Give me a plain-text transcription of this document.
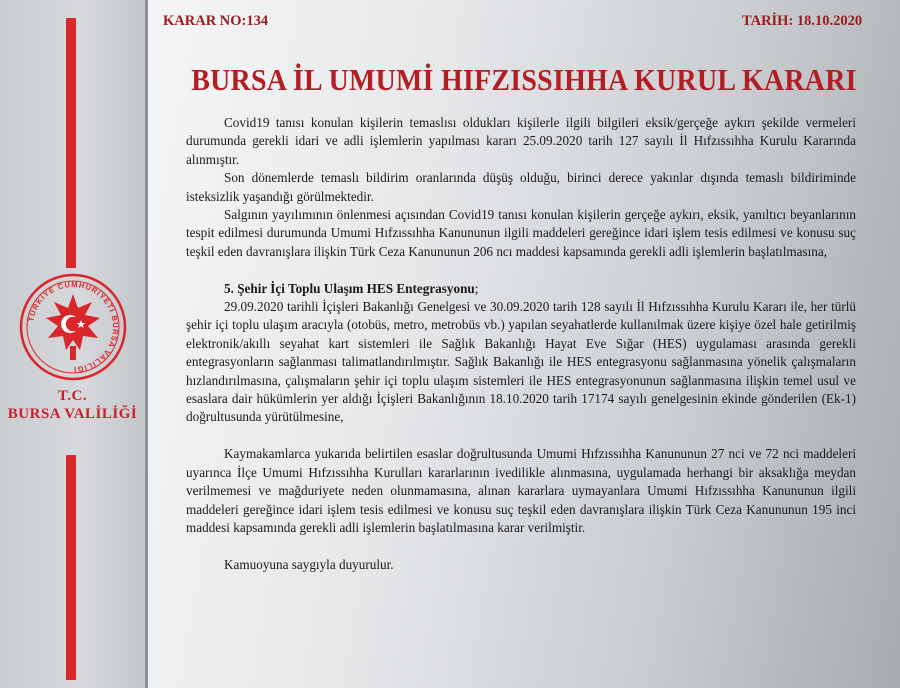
TÜRKİYE CUMHURİYETİ BURSA VALİLİĞİ
T.C.
BURSA VALİLİĞİ
KARAR NO:134	TARİH: 18.10.2020
BURSA İL UMUMİ HIFZISSIHHA KURUL KARARI

Covid19 tanısı konulan kişilerin temaslısı oldukları kişilerle ilgili bilgileri eksik/gerçeğe aykırı şekilde vermeleri durumunda gerekli idari ve adli işlemlerin yapılması kararı 25.09.2020 tarih 127 sayılı İl Hıfzıssıhha Kurulu Kararında alınmıştır.

Son dönemlerde temaslı bildirim oranlarında düşüş olduğu, birinci derece yakınlar dışında temaslı bildiriminde isteksizlik yaşandığı görülmektedir.

Salgının yayılımının önlenmesi açısından Covid19 tanısı konulan kişilerin gerçeğe aykırı, eksik, yanıltıcı beyanlarının tespit edilmesi durumunda Umumi Hıfzıssıhha Kanununun ilgili maddeleri gereğince idari işlem tesis edilmesi ve konusu suç teşkil eden davranışlara ilişkin Türk Ceza Kanununun 206 ncı maddesi kapsamında gerekli adli işlemlerin başlatılmasına,

5. Şehir İçi Toplu Ulaşım HES Entegrasyonu;

29.09.2020 tarihli İçişleri Bakanlığı Genelgesi ve 30.09.2020 tarih 128 sayılı İl Hıfzıssıhha Kurulu Kararı ile, her türlü şehir içi toplu ulaşım aracıyla (otobüs, metro, metrobüs vb.) yapılan seyahatlerde kullanılmak üzere kişiye özel hale getirilmiş elektronik/akıllı seyahat kart sistemleri ile Sağlık Bakanlığı Hayat Eve Sığar (HES) uygulaması arasında gerekli entegrasyonların sağlanması talimatlandırılmıştır. Sağlık Bakanlığı ile HES entegrasyonu sağlanmasına yönelik çalışmaların hızlandırılmasına, çalışmaların şehir içi toplu ulaşım sistemleri ile HES entegrasyonunun sağlanmasına ilişkin temel usul ve esaslara dair hükümlerin yer aldığı İçişleri Bakanlığının 18.10.2020 tarih 17174 sayılı genelgesinin ekinde gönderilen (Ek-1) doğrultusunda yürütülmesine,

Kaymakamlarca yukarıda belirtilen esaslar doğrultusunda Umumi Hıfzıssıhha Kanununun 27 nci ve 72 nci maddeleri uyarınca İlçe Umumi Hıfzıssıhha Kurulları kararlarının ivedilikle alınmasına, uygulamada herhangi bir aksaklığa meydan verilmemesi ve mağduriyete neden olunmamasına, alınan kararlara uymayanlara Umumi Hıfzıssıhha Kanununun ilgili maddeleri gereğince idari işlem tesis edilmesi ve konusu suç teşkil eden davranışlara ilişkin Türk Ceza Kanununun 195 inci maddesi kapsamında gerekli adli işlemlerin başlatılmasına karar verilmiştir.

Kamuoyuna saygıyla duyurulur.
